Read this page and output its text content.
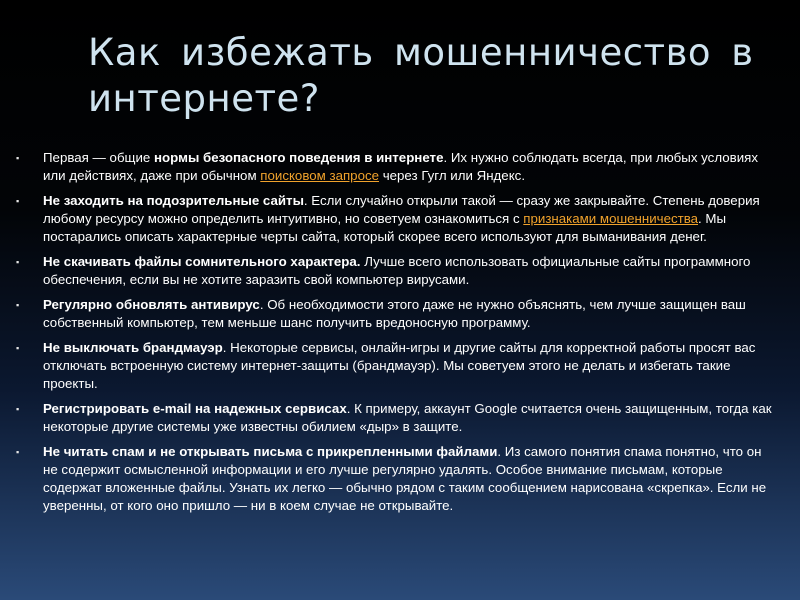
Как избежать мошенничество в интернете?
▪ Первая — общие нормы безопасного поведения в интернете. Их нужно соблюдать всегда, при любых условиях или действиях, даже при обычном поисковом запросе через Гугл или Яндекс.
▪ Не заходить на подозрительные сайты. Если случайно открыли такой — сразу же закрывайте. Степень доверия любому ресурсу можно определить интуитивно, но советуем ознакомиться с признаками мошенничества. Мы постарались описать характерные черты сайта, который скорее всего используют для выманивания денег.
▪ Не скачивать файлы сомнительного характера. Лучше всего использовать официальные сайты программного обеспечения, если вы не хотите заразить свой компьютер вирусами.
▪ Регулярно обновлять антивирус. Об необходимости этого даже не нужно объяснять, чем лучше защищен ваш собственный компьютер, тем меньше шанс получить вредоносную программу.
▪ Не выключать брандмауэр. Некоторые сервисы, онлайн-игры и другие сайты для корректной работы просят вас отключать встроенную систему интернет-защиты (брандмауэр). Мы советуем этого не делать и избегать такие проекты.
▪ Регистрировать e-mail на надежных сервисах. К примеру, аккаунт Google считается очень защищенным, тогда как некоторые другие системы уже известны обилием «дыр» в защите.
▪ Не читать спам и не открывать письма с прикрепленными файлами. Из самого понятия спама понятно, что он не содержит осмысленной информации и его лучше регулярно удалять. Особое внимание письмам, которые содержат вложенные файлы. Узнать их легко — обычно рядом с таким сообщением нарисована «скрепка». Если не уверенны, от кого оно пришло — ни в коем случае не открывайте.
